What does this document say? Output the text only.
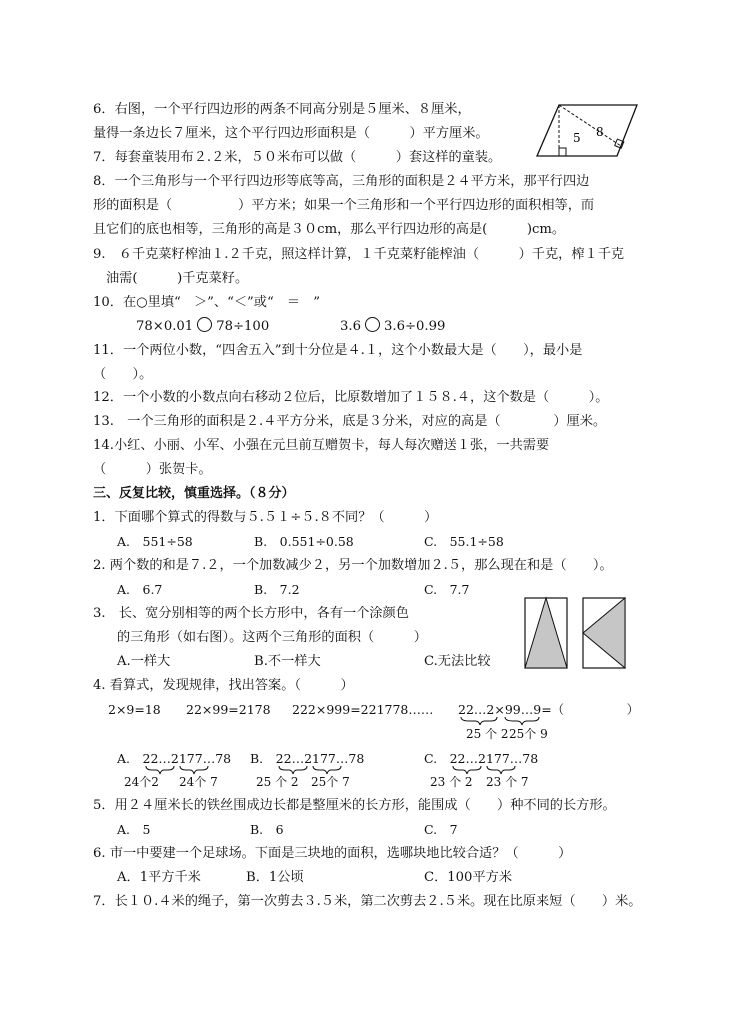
6．右图，一个平行四边形的两条不同高分别是５厘米、８厘米，
量得一条边长７厘米，这个平行四边形面积是（　　　）平方厘米。	5 8
7．每套童装用布２.２米，５０米布可以做（　　　）套这样的童装。
8．一个三角形与一个平行四边形等底等高，三角形的面积是２４平方米，那平行四边
形的面积是（　　　　　）平方米；如果一个三角形和一个平行四边形的面积相等，而
且它们的底也相等，三角形的高是３０cm，那么平行四边形的高是(　　　)cm。
9.　６千克菜籽榨油１.２千克，照这样计算，１千克菜籽能榨油（　　　）千克，榨１千克
油需(　　　)千克菜籽。
10．在○里填“　＞”、“＜”或“　＝　”
78×0.01 78÷100	3.6 3.6÷0.99
11．一个两位小数，“四舍五入”到十分位是４.１，这个小数最大是（　　），最小是
（　　）。
12．一个小数的小数点向右移动２位后，比原数增加了１５８.４，这个数是（　　　）。
13.　一个三角形的面积是２.４平方分米，底是３分米，对应的高是（　　　　）厘米。
14.小红、小丽、小军、小强在元旦前互赠贺卡，每人每次赠送１张，一共需要
（　　　）张贺卡。
三、反复比较，慎重选择。（８分）
1．下面哪个算式的得数与５.５１÷５.８不同？（　　　）
A.　551÷58	B.　0.551÷0.58	C.　55.1÷58
2. 两个数的和是７.２，一个加数减少２，另一个加数增加２.５，那么现在和是（　　）。
A.　6.7	B.　7.2	C.　7.7
3.　长、宽分别相等的两个长方形中，各有一个涂颜色
的三角形（如右图）。这两个三角形的面积（　　　）
A.一样大	B.不一样大	C.无法比较
4. 看算式，发现规律，找出答案。（　　　）
2×9=18 22×99=2178 222×999=221778…… 22…2×99…9=（　　　　　）
25 个 2 25个 9
A.　22…2177…78 B.　22…2177…78	C.　22…2177…78
24个2 24个 7	25 个 2 25个 7	23 个 2 23 个 7
5．用２４厘米长的铁丝围成边长都是整厘米的长方形，能围成（　　）种不同的长方形。
A.　5	B.　6	C.　7
6. 市一中要建一个足球场。下面是三块地的面积，选哪块地比较合适？（　　　）
A．1平方千米	B．1公顷	C．100平方米
7．长１０.４米的绳子，第一次剪去３.５米，第二次剪去２.５米。现在比原来短（　　）米。
